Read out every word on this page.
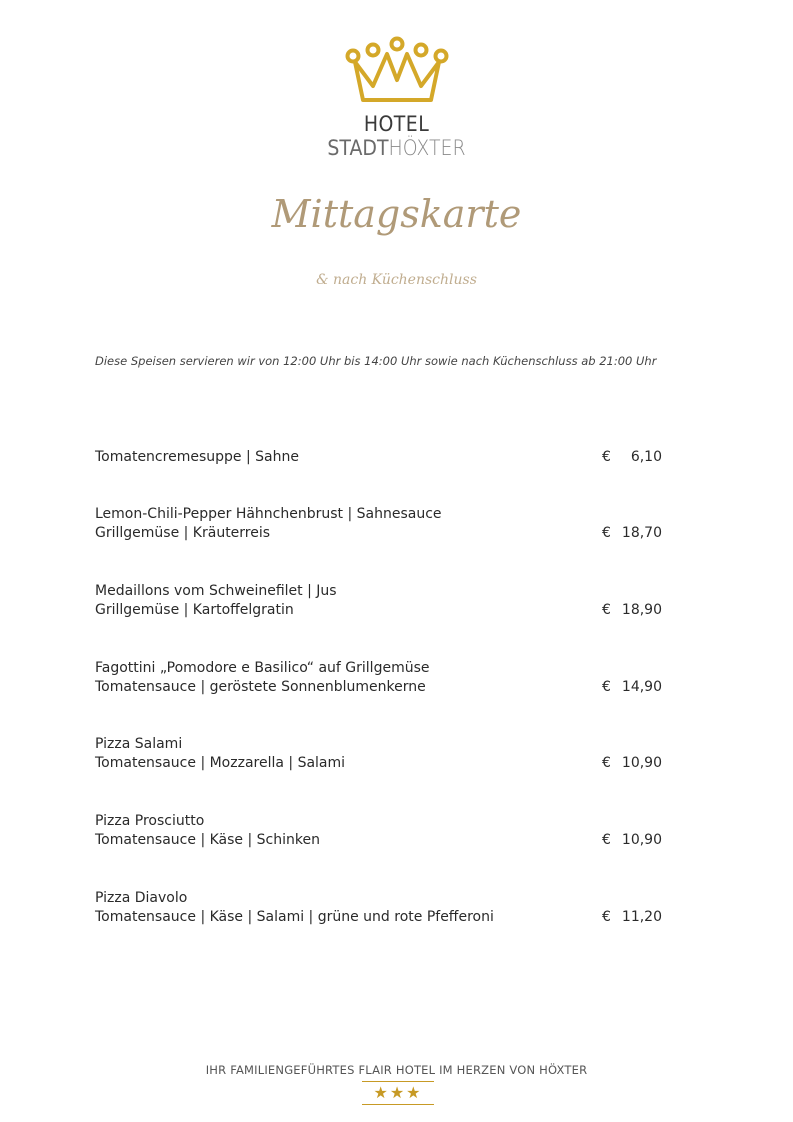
HOTEL
STADTHÖXTER
Mittagskarte
& nach Küchenschluss
Diese Speisen servieren wir von 12:00 Uhr bis 14:00 Uhr sowie nach Küchenschluss ab 21:00 Uhr
Tomatencremesuppe | Sahne	€ 6,10
Lemon-Chili-Pepper Hähnchenbrust | Sahnesauce
Grillgemüse | Kräuterreis	€ 18,70
Medaillons vom Schweinefilet | Jus
Grillgemüse | Kartoffelgratin	€ 18,90
Fagottini „Pomodore e Basilico“ auf Grillgemüse
Tomatensauce | geröstete Sonnenblumenkerne	€ 14,90
Pizza Salami
Tomatensauce | Mozzarella | Salami	€ 10,90
Pizza Prosciutto
Tomatensauce | Käse | Schinken	€ 10,90
Pizza Diavolo
Tomatensauce | Käse | Salami | grüne und rote Pfefferoni	€ 11,20
IHR FAMILIENGEFÜHRTES FLAIR HOTEL IM HERZEN VON HÖXTER
★★★
